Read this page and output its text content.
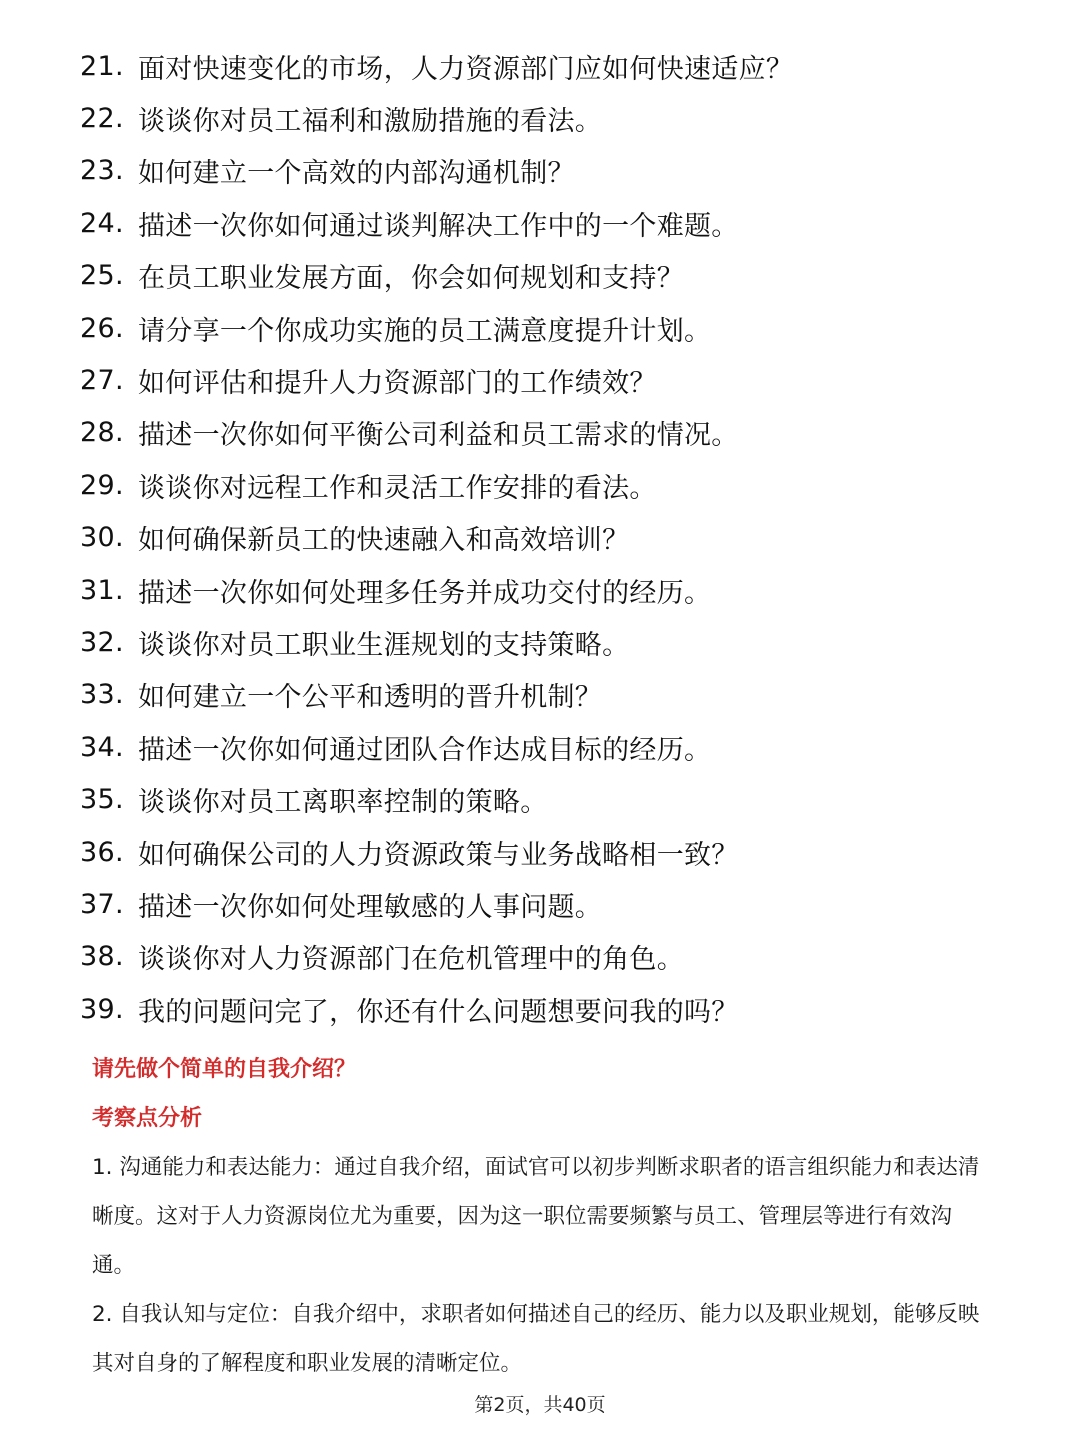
21. 面对快速变化的市场，人力资源部门应如何快速适应？
22. 谈谈你对员工福利和激励措施的看法。
23. 如何建立一个高效的内部沟通机制？
24. 描述一次你如何通过谈判解决工作中的一个难题。
25. 在员工职业发展方面，你会如何规划和支持？
26. 请分享一个你成功实施的员工满意度提升计划。
27. 如何评估和提升人力资源部门的工作绩效？
28. 描述一次你如何平衡公司利益和员工需求的情况。
29. 谈谈你对远程工作和灵活工作安排的看法。
30. 如何确保新员工的快速融入和高效培训？
31. 描述一次你如何处理多任务并成功交付的经历。
32. 谈谈你对员工职业生涯规划的支持策略。
33. 如何建立一个公平和透明的晋升机制？
34. 描述一次你如何通过团队合作达成目标的经历。
35. 谈谈你对员工离职率控制的策略。
36. 如何确保公司的人力资源政策与业务战略相一致？
37. 描述一次你如何处理敏感的人事问题。
38. 谈谈你对人力资源部门在危机管理中的角色。
39. 我的问题问完了，你还有什么问题想要问我的吗？
请先做个简单的自我介绍？
考察点分析

1. 沟通能力和表达能力：通过自我介绍，面试官可以初步判断求职者的语言组织能力和表达清晰度。这对于人力资源岗位尤为重要，因为这一职位需要频繁与员工、管理层等进行有效沟通。

2. 自我认知与定位：自我介绍中，求职者如何描述自己的经历、能力以及职业规划，能够反映其对自身的了解程度和职业发展的清晰定位。

第2页，共40页
